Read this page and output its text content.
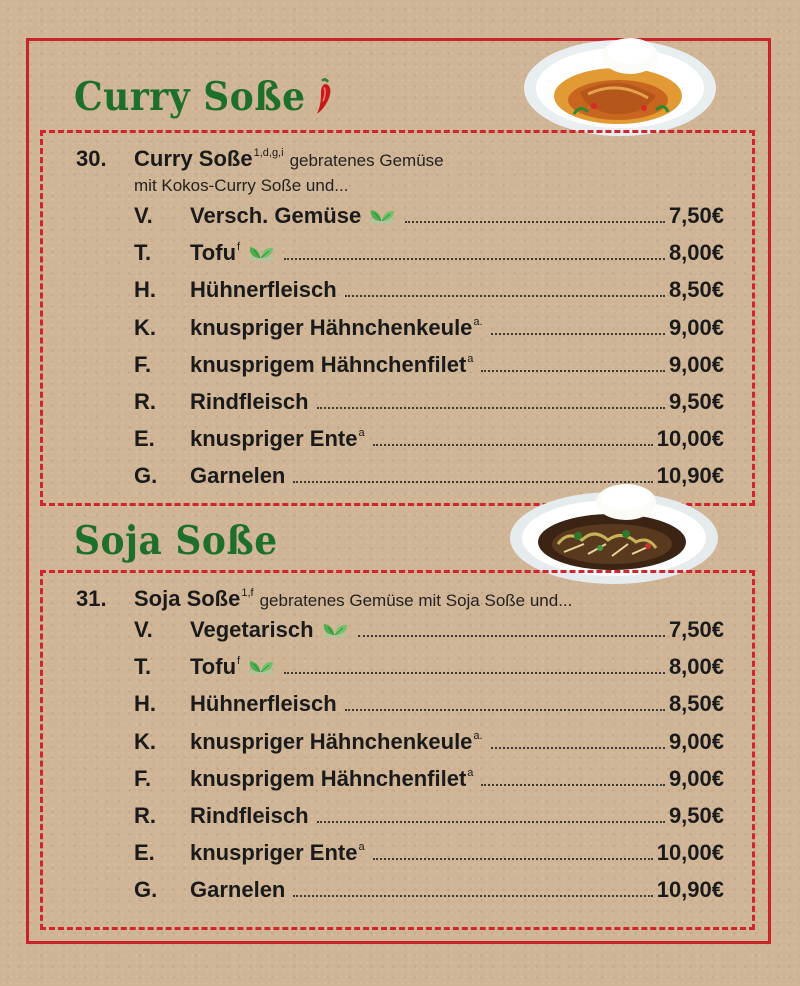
Curry Soße
30. Curry Soße$^{1,d,g,i}$ gebratenes Gemüse
mit Kokos-Curry Soße und...
V.	Versch. Gemüse	7,50€
T.	Tofu$^f$	8,00€
H.	Hühnerfleisch	8,50€
K.	knuspriger Hähnchenkeule$^{a.}$	9,00€
F.	knusprigem Hähnchenfilet$^a$	9,00€
R.	Rindfleisch	9,50€
E.	knuspriger Ente$^a$	10,00€
G.	Garnelen	10,90€
Soja Soße
31. Soja Soße$^{1,f}$ gebratenes Gemüse mit Soja Soße und...
V.	Vegetarisch	7,50€
T.	Tofu$^f$	8,00€
H.	Hühnerfleisch	8,50€
K.	knuspriger Hähnchenkeule$^{a.}$	9,00€
F.	knusprigem Hähnchenfilet$^a$	9,00€
R.	Rindfleisch	9,50€
E.	knuspriger Ente$^a$	10,00€
G.	Garnelen	10,90€
